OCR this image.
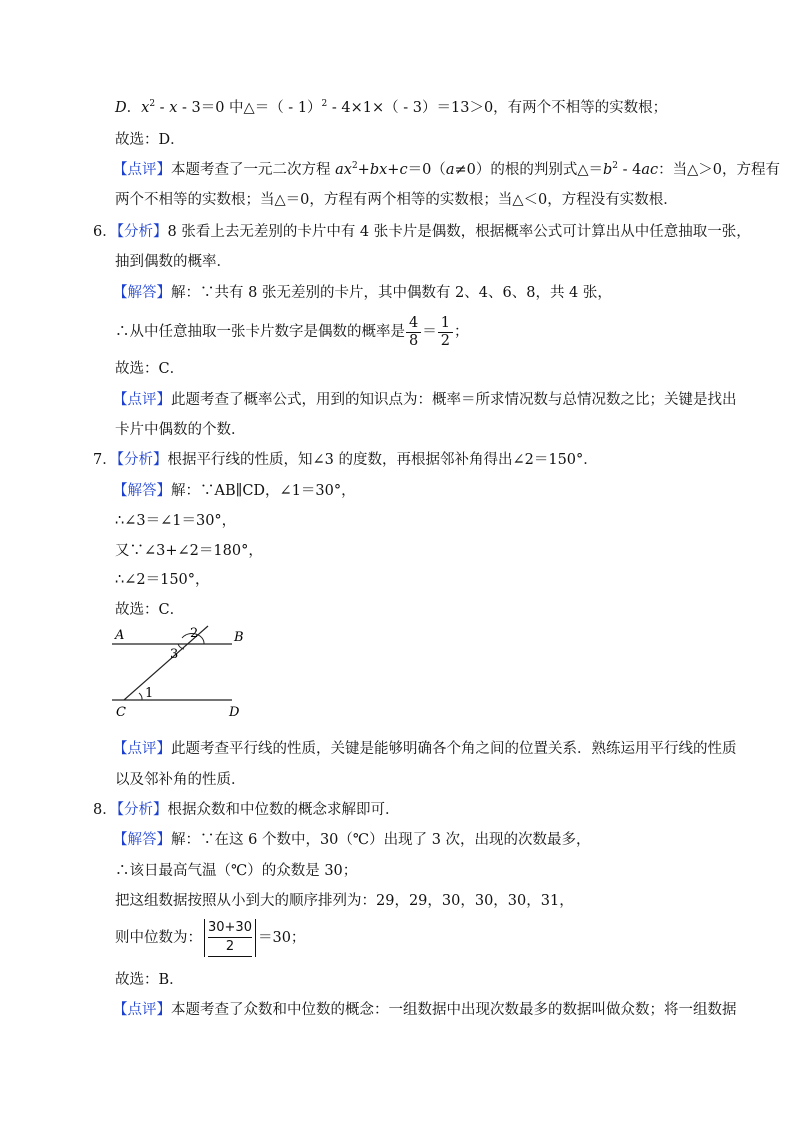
D．$x^2 - x - 3=0$ 中△＝（ - 1）$^2$ - 4×1×（ - 3）＝13＞0，有两个不相等的实数根；
故选：D．
【点评】本题考查了一元二次方程 $ax^2+bx+c=0(a\ne 0)$的根的判别式$\triangle=b^2 - 4ac$：当△＞0，方程有
两个不相等的实数根；当△＝0，方程有两个相等的实数根；当△＜0，方程没有实数根．
6．【分析】8 张看上去无差别的卡片中有 4 张卡片是偶数，根据概率公式可计算出从中任意抽取一张，
抽到偶数的概率．
【解答】解：∵共有 8 张无差别的卡片，其中偶数有 2、4、6、8，共 4 张，
∴从中任意抽取一张卡片数字是偶数的概率是 $\frac{4}{8} = \frac{1}{2}$ ；
故选：C．
【点评】此题考查了概率公式，用到的知识点为：概率＝所求情况数与总情况数之比；关键是找出
卡片中偶数的个数．
7．【分析】根据平行线的性质，知∠3 的度数，再根据邻补角得出∠2＝150°．
【解答】解：∵AB∥CD，∠1＝30°，
∴∠3＝∠1＝30°，
又∵∠3+∠2＝180°，
∴∠2＝150°，
故选：C．
A	B
C	D
2
3
1
【点评】此题考查平行线的性质，关键是能够明确各个角之间的位置关系．熟练运用平行线的性质
以及邻补角的性质．
8．【分析】根据众数和中位数的概念求解即可．
【解答】解：∵在这 6 个数中，30（℃）出现了 3 次，出现的次数最多，
∴该日最高气温（℃）的众数是 30；
把这组数据按照从小到大的顺序排列为：29，29，30，30，30，31，
则中位数为： $\frac{30+30}{2} =30$；
故选：B．
【点评】本题考查了众数和中位数的概念：一组数据中出现次数最多的数据叫做众数；将一组数据
